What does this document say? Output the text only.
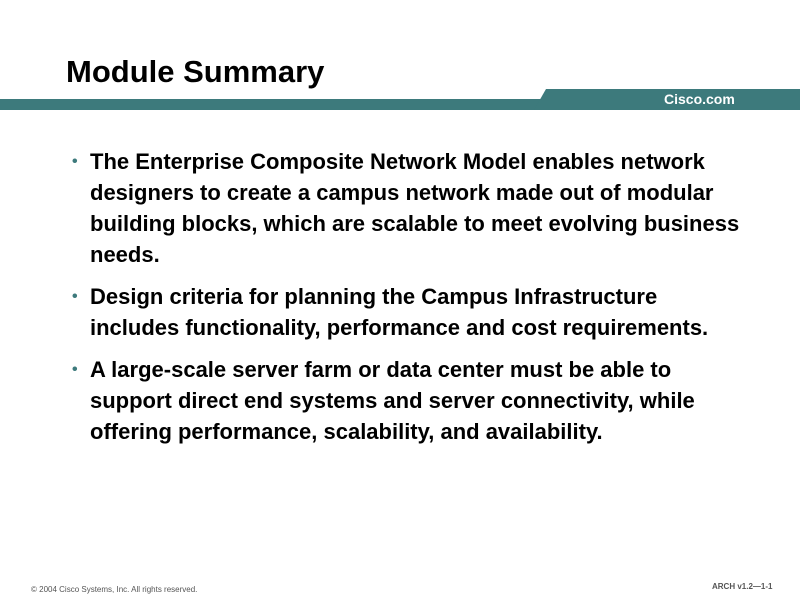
Module Summary
Cisco.com
• The Enterprise Composite Network Model enables network designers to create a campus network made out of modular building blocks, which are scalable to meet evolving business needs.
• Design criteria for planning the Campus Infrastructure includes functionality, performance and cost requirements.
• A large-scale server farm or data center must be able to support direct end systems and server connectivity, while offering performance, scalability, and availability.
© 2004 Cisco Systems, Inc. All rights reserved.	ARCH v1.2—1-1
